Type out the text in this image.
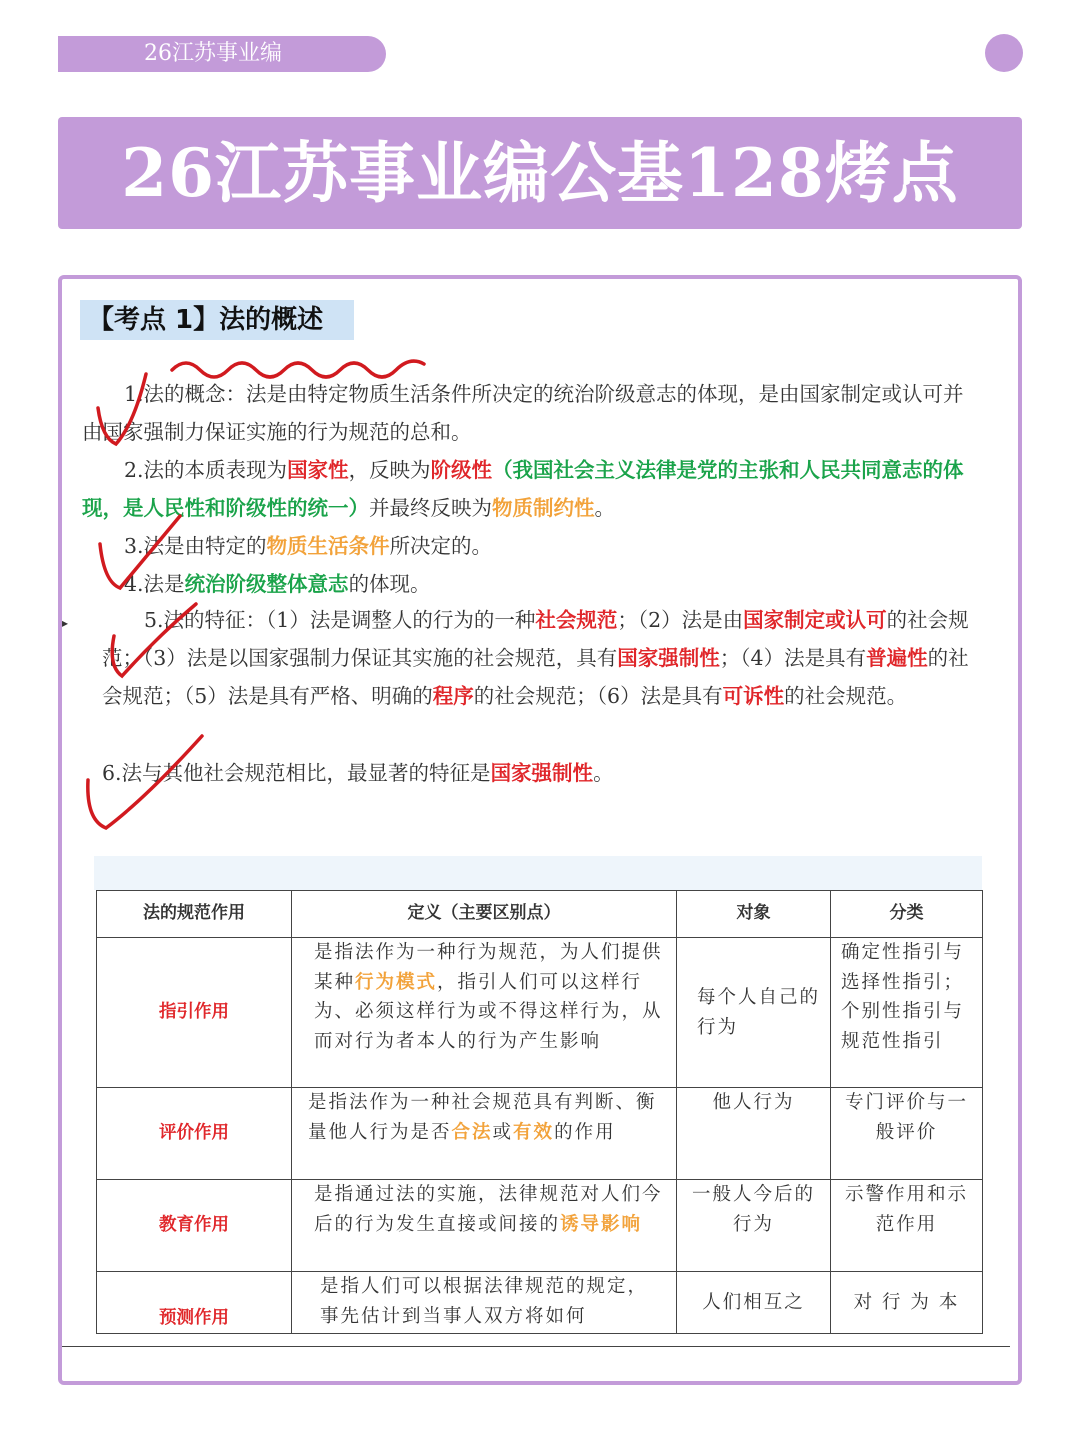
26江苏事业编
26江苏事业编公基128烤点
【考点 1】法的概述
1.法的概念：法是由特定物质生活条件所决定的统治阶级意志的体现，是由国家制定或认可并由国家强制力保证实施的行为规范的总和。
2.法的本质表现为国家性，反映为阶级性（我国社会主义法律是党的主张和人民共同意志的体现，是人民性和阶级性的统一）并最终反映为物质制约性。
3.法是由特定的物质生活条件所决定的。
4.法是统治阶级整体意志的体现。
▸	5.法的特征：（1）法是调整人的行为的一种社会规范；（2）法是由国家制定或认可的社会规范；（3）法是以国家强制力保证其实施的社会规范，具有国家强制性；（4）法是具有普遍性的社会规范；（5）法是具有严格、明确的程序的社会规范；（6）法是具有可诉性的社会规范。
6.法与其他社会规范相比，最显著的特征是国家强制性。
法的规范作用	定义（主要区别点）	对象	分类
指引作用	是指法作为一种行为规范，为人们提供某种行为模式，指引人们可以这样行为、必须这样行为或不得这样行为，从而对行为者本人的行为产生影响	每个人自己的行为	确定性指引与选择性指引；个别性指引与规范性指引
评价作用	是指法作为一种社会规范具有判断、衡量他人行为是否合法或有效的作用	他人行为	专门评价与一般评价
教育作用	是指通过法的实施，法律规范对人们今后的行为发生直接或间接的诱导影响	一般人今后的行为	示警作用和示范作用
预测作用	是指人们可以根据法律规范的规定，事先估计到当事人双方将如何	人们相互之	对 行 为 本
